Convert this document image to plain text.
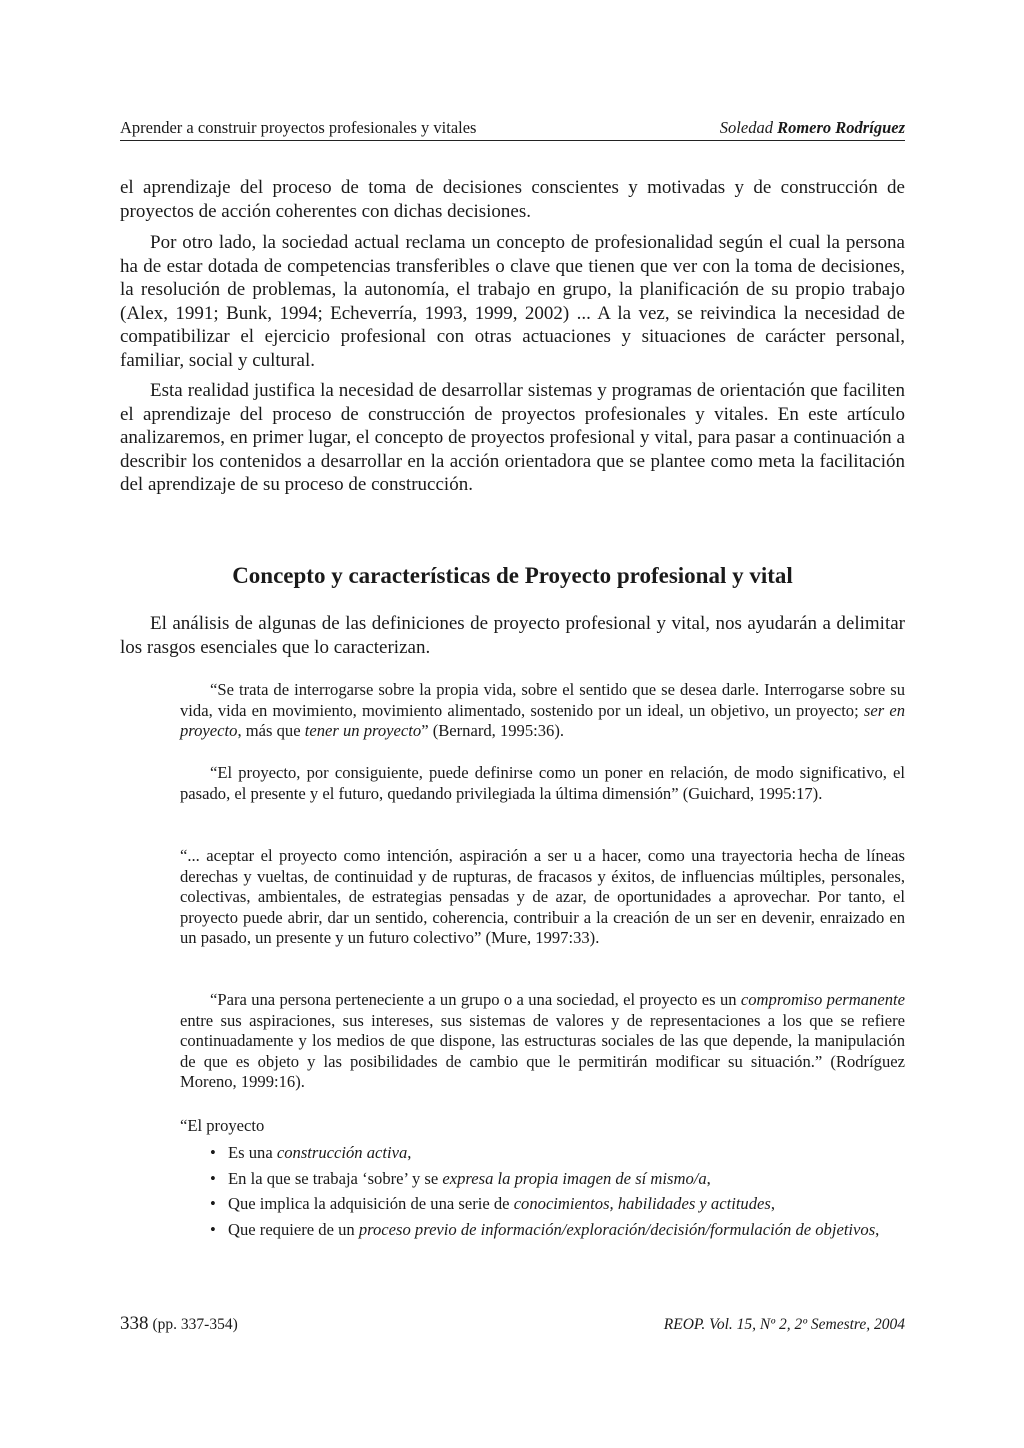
Aprender a construir proyectos profesionales y vitales	Soledad Romero Rodríguez

el aprendizaje del proceso de toma de decisiones conscientes y motivadas y de construcción de proyectos de acción coherentes con dichas decisiones.

Por otro lado, la sociedad actual reclama un concepto de profesionalidad según el cual la persona ha de estar dotada de competencias transferibles o clave que tienen que ver con la toma de decisiones, la resolución de problemas, la autonomía, el trabajo en grupo, la planificación de su propio trabajo (Alex, 1991; Bunk, 1994; Echeverría, 1993, 1999, 2002) ... A la vez, se reivindica la necesidad de compatibilizar el ejercicio profesional con otras actuaciones y situaciones de carácter personal, familiar, social y cultural.

Esta realidad justifica la necesidad de desarrollar sistemas y programas de orientación que faciliten el aprendizaje del proceso de construcción de proyectos profesionales y vitales. En este artículo analizaremos, en primer lugar, el concepto de proyectos profesional y vital, para pasar a continuación a describir los contenidos a desarrollar en la acción orientadora que se plantee como meta la facilitación del aprendizaje de su proceso de construcción.

Concepto y características de Proyecto profesional y vital

El análisis de algunas de las definiciones de proyecto profesional y vital, nos ayudarán a delimitar los rasgos esenciales que lo caracterizan.

“Se trata de interrogarse sobre la propia vida, sobre el sentido que se desea darle. Interrogarse sobre su vida, vida en movimiento, movimiento alimentado, sostenido por un ideal, un objetivo, un proyecto; ser en proyecto, más que tener un proyecto” (Bernard, 1995:36).

“El proyecto, por consiguiente, puede definirse como un poner en relación, de modo significativo, el pasado, el presente y el futuro, quedando privilegiada la última dimensión” (Guichard, 1995:17).

“... aceptar el proyecto como intención, aspiración a ser u a hacer, como una trayectoria hecha de líneas derechas y vueltas, de continuidad y de rupturas, de fracasos y éxitos, de influencias múltiples, personales, colectivas, ambientales, de estrategias pensadas y de azar, de oportunidades a aprovechar. Por tanto, el proyecto puede abrir, dar un sentido, coherencia, contribuir a la creación de un ser en devenir, enraizado en un pasado, un presente y un futuro colectivo” (Mure, 1997:33).

“Para una persona perteneciente a un grupo o a una sociedad, el proyecto es un compromiso permanente entre sus aspiraciones, sus intereses, sus sistemas de valores y de representaciones a los que se refiere continuadamente y los medios de que dispone, las estructuras sociales de las que depende, la manipulación de que es objeto y las posibilidades de cambio que le permitirán modificar su situación.” (Rodríguez Moreno, 1999:16).

“El proyecto

• Es una construcción activa,
• En la que se trabaja ‘sobre’ y se expresa la propia imagen de sí mismo/a,
• Que implica la adquisición de una serie de conocimientos, habilidades y actitudes,
• Que requiere de un proceso previo de información/exploración/decisión/formulación de objetivos,
338 (pp. 337-354)	REOP. Vol. 15, Nº 2, 2º Semestre, 2004
